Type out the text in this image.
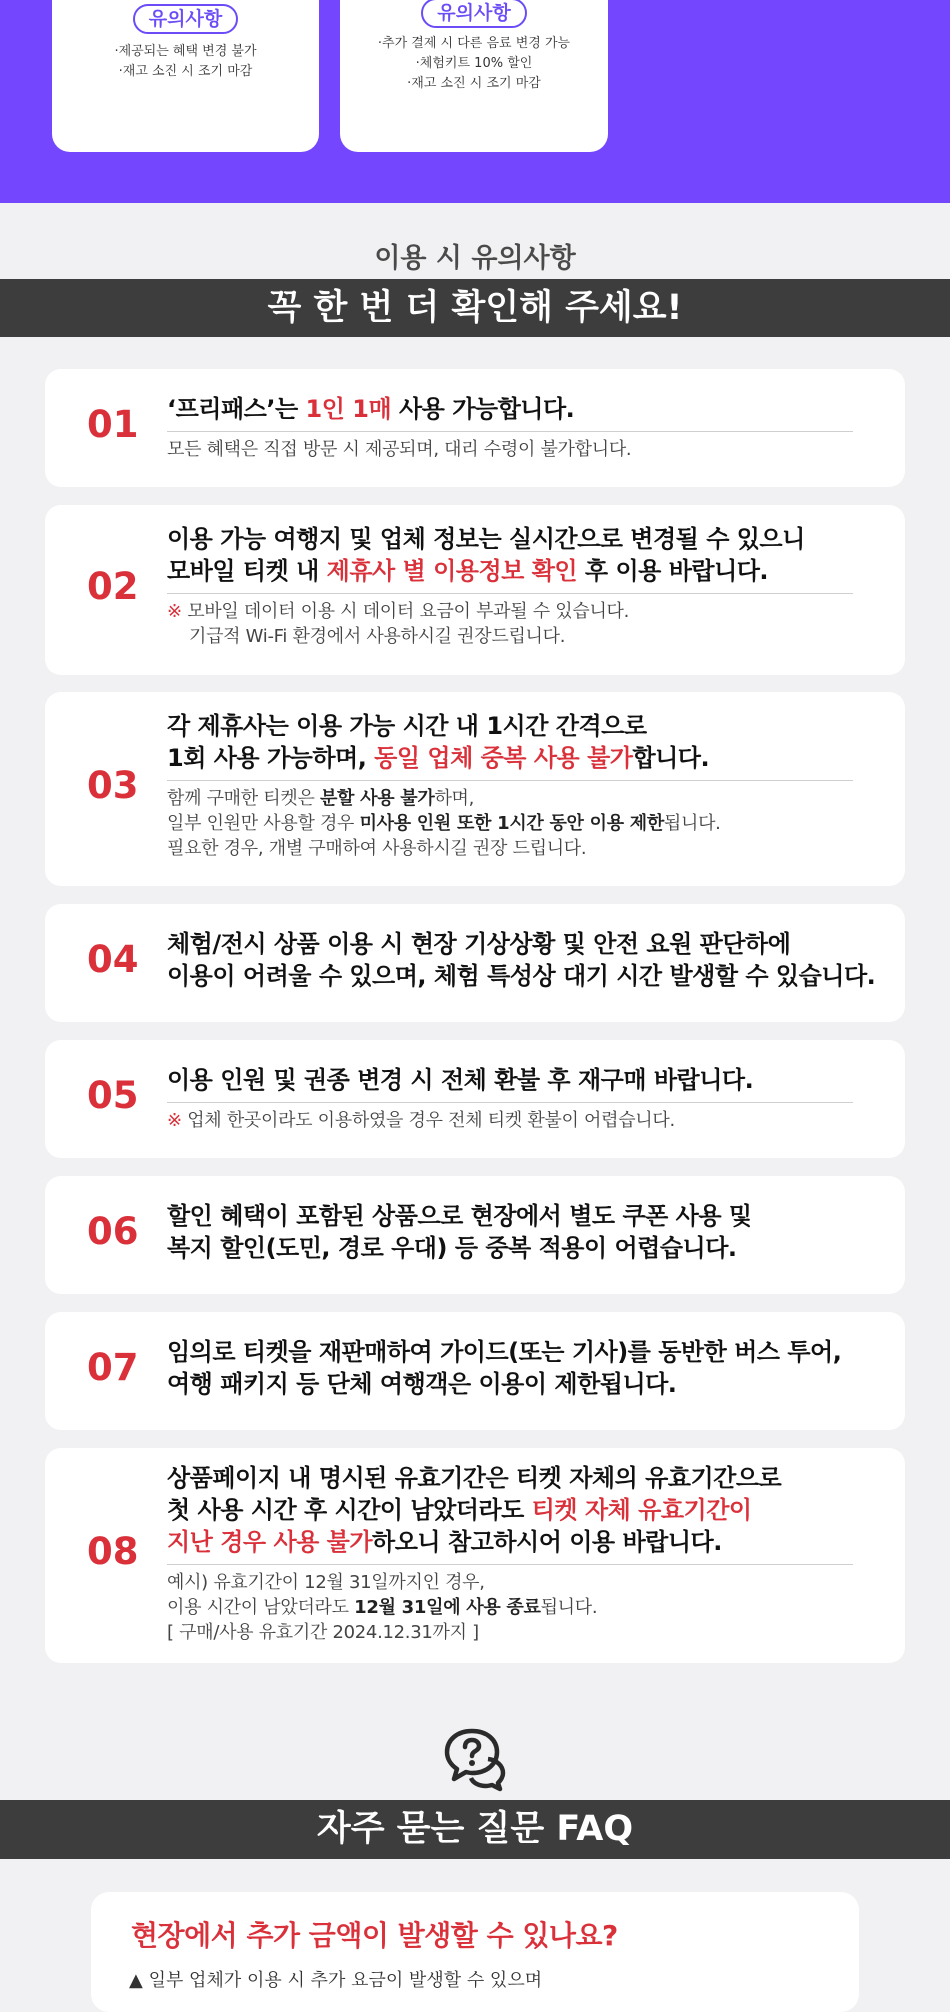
유의사항
·제공되는 혜택 변경 불가
·재고 소진 시 조기 마감
유의사항
·추가 결제 시 다른 음료 변경 가능
·체험키트 10% 할인
·재고 소진 시 조기 마감
이용 시 유의사항
꼭 한 번 더 확인해 주세요!
01 ‘프리패스’는 1인 1매 사용 가능합니다.
모든 혜택은 직접 방문 시 제공되며, 대리 수령이 불가합니다.
02
이용 가능 여행지 및 업체 정보는 실시간으로 변경될 수 있으니
모바일 티켓 내 제휴사 별 이용정보 확인 후 이용 바랍니다.
※ 모바일 데이터 이용 시 데이터 요금이 부과될 수 있습니다.
기급적 Wi-Fi 환경에서 사용하시길 권장드립니다.
03
각 제휴사는 이용 가능 시간 내 1시간 간격으로
1회 사용 가능하며, 동일 업체 중복 사용 불가합니다.
함께 구매한 티켓은 분할 사용 불가하며,
일부 인원만 사용할 경우 미사용 인원 또한 1시간 동안 이용 제한됩니다.
필요한 경우, 개별 구매하여 사용하시길 권장 드립니다.
04 체험/전시 상품 이용 시 현장 기상상황 및 안전 요원 판단하에
이용이 어려울 수 있으며, 체험 특성상 대기 시간 발생할 수 있습니다.
05 이용 인원 및 권종 변경 시 전체 환불 후 재구매 바랍니다.
※ 업체 한곳이라도 이용하였을 경우 전체 티켓 환불이 어렵습니다.
06 할인 혜택이 포함된 상품으로 현장에서 별도 쿠폰 사용 및
복지 할인(도민, 경로 우대) 등 중복 적용이 어렵습니다.
07 임의로 티켓을 재판매하여 가이드(또는 기사)를 동반한 버스 투어,
여행 패키지 등 단체 여행객은 이용이 제한됩니다.
08
상품페이지 내 명시된 유효기간은 티켓 자체의 유효기간으로
첫 사용 시간 후 시간이 남았더라도 티켓 자체 유효기간이
지난 경우 사용 불가하오니 참고하시어 이용 바랍니다.
예시) 유효기간이 12월 31일까지인 경우,
이용 시간이 남았더라도 12월 31일에 사용 종료됩니다.
[ 구매/사용 유효기간 2024.12.31까지 ]
자주 묻는 질문 FAQ
현장에서 추가 금액이 발생할 수 있나요?
▲ 일부 업체가 이용 시 추가 요금이 발생할 수 있으며
